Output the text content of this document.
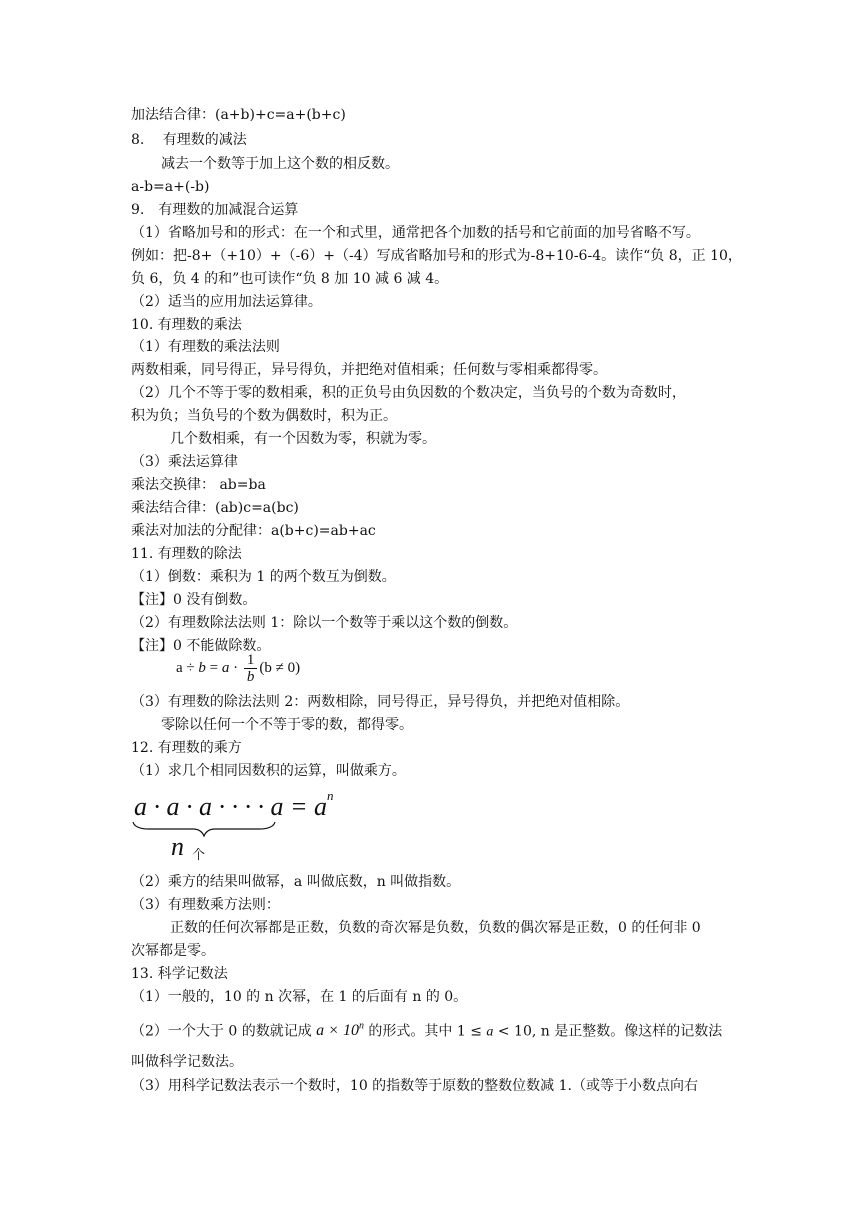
加法结合律：(a+b)+c=a+(b+c)
8.　 有理数的减法
减去一个数等于加上这个数的相反数。
a-b=a+(-b)
9.　有理数的加减混合运算
（1）省略加号和的形式：在一个和式里，通常把各个加数的括号和它前面的加号省略不写。
例如：把-8+（+10）+（-6）+（-4）写成省略加号和的形式为-8+10-6-4。读作“负 8，正 10，
负 6，负 4 的和”也可读作“负 8 加 10 减 6 减 4。
（2）适当的应用加法运算律。
10. 有理数的乘法
（1）有理数的乘法法则
两数相乘，同号得正，异号得负，并把绝对值相乘；任何数与零相乘都得零。
（2）几个不等于零的数相乘，积的正负号由负因数的个数决定，当负号的个数为奇数时，
积为负；当负号的个数为偶数时，积为正。
几个数相乘，有一个因数为零，积就为零。
（3）乘法运算律
乘法交换律： ab=ba
乘法结合律：(ab)c=a(bc)
乘法对加法的分配律：a(b+c)=ab+ac
11. 有理数的除法
（1）倒数：乘积为 1 的两个数互为倒数。
【注】0 没有倒数。
（2）有理数除法法则 1：除以一个数等于乘以这个数的倒数。
【注】0 不能做除数。
$a \div b = a \cdot \frac{1}{b} (b \ne 0)$
（3）有理数的除法法则 2：两数相除，同号得正，异号得负，并把绝对值相除。
零除以任何一个不等于零的数，都得零。
12. 有理数的乘方
（1）求几个相同因数积的运算，叫做乘方。
a · a · a · · · · $a = a^n$
n 个
（2）乘方的结果叫做幂，a 叫做底数，n 叫做指数。
（3）有理数乘方法则：
正数的任何次幂都是正数，负数的奇次幂是负数，负数的偶次幂是正数，0 的任何非 0
次幂都是零。
13. 科学记数法
（1）一般的，10 的 n 次幂，在 1 的后面有 n 的 0。
（2）一个大于 0 的数就记成 $a \times 10^n$ 的形式。其中 1 ≤ a < 10, n 是正整数。像这样的记数法
叫做科学记数法。
（3）用科学记数法表示一个数时，10 的指数等于原数的整数位数减 1.（或等于小数点向右
